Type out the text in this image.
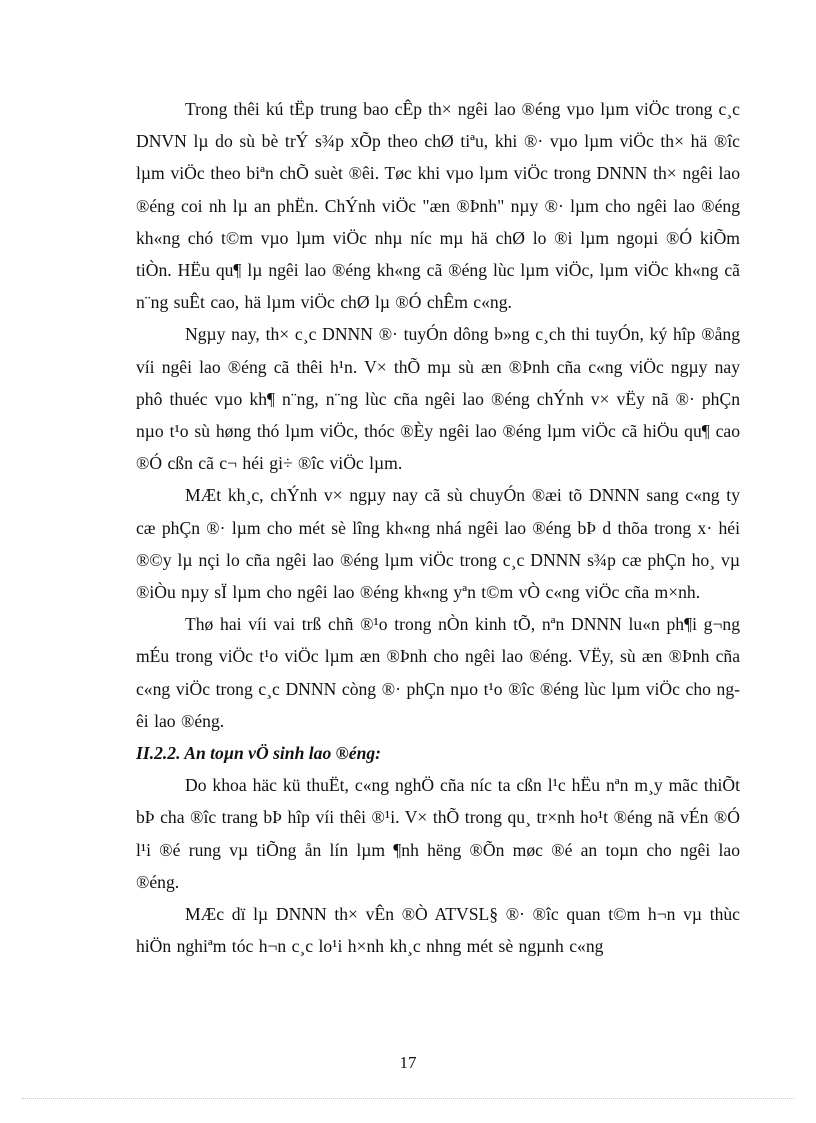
Trong thêi kú tËp trung bao cÊp th× ngêi lao ®éng vµo lµm viÖc trong c¸c DNVN lµ do sù bè trÝ s¾p xÕp theo chØ tiªu, khi ®· vµo lµm viÖc th× hä ®îc lµm viÖc theo biªn chÕ suèt ®êi. Tøc khi vµo lµm viÖc trong DNNN th× ngêi lao ®éng coi nh lµ an phËn. ChÝnh viÖc "æn ®Þnh" nµy ®· lµm cho ngêi lao ®éng kh«ng chó t©m vµo lµm viÖc nhµ níc mµ hä chØ lo ®i lµm ngoµi ®Ó kiÕm tiÒn. HËu qu¶ lµ ngêi lao ®éng kh«ng cã ®éng lùc lµm viÖc, lµm viÖc kh«ng cã n¨ng suÊt cao, hä lµm viÖc chØ lµ ®Ó chÊm c«ng.

Ngµy nay, th× c¸c DNNN ®· tuyÓn dông b»ng c¸ch thi tuyÓn, ký hîp ®ång víi ngêi lao ®éng cã thêi h¹n. V× thÕ mµ sù æn ®Þnh cña c«ng viÖc ngµy nay phô thuéc vµo kh¶ n¨ng, n¨ng lùc cña ngêi lao ®éng chÝnh v× vËy nã ®· phÇn nµo t¹o sù høng thó lµm viÖc, thóc ®Èy ngêi lao ®éng lµm viÖc cã hiÖu qu¶ cao ®Ó cßn cã c¬ héi gi÷ ®îc viÖc lµm.

MÆt kh¸c, chÝnh v× ngµy nay cã sù chuyÓn ®æi tõ DNNN sang c«ng ty cæ phÇn ®· lµm cho mét sè lîng kh«ng nhá ngêi lao ®éng bÞ d thõa trong x· héi ®©y lµ nçi lo cña ngêi lao ®éng lµm viÖc trong c¸c DNNN s¾p cæ phÇn ho¸ vµ ®iÒu nµy sÏ lµm cho ngêi lao ®éng kh«ng yªn t©m vÒ c«ng viÖc cña m×nh.

Thø hai víi vai trß chñ ®¹o trong nÒn kinh tÕ, nªn DNNN lu«n ph¶i g¬ng mÉu trong viÖc t¹o viÖc lµm æn ®Þnh cho ngêi lao ®éng. VËy, sù æn ®Þnh cña c«ng viÖc trong c¸c DNNN còng ®· phÇn nµo t¹o ®îc ®éng lùc lµm viÖc cho ngêi lao ®éng.

II.2.2. An toµn vÖ sinh lao ®éng:

Do khoa häc kü thuËt, c«ng nghÖ cña níc ta cßn l¹c hËu nªn m¸y mãc thiÕt bÞ cha ®îc trang bÞ hîp víi thêi ®¹i. V× thÕ trong qu¸ tr×nh ho¹t ®éng nã vÉn ®Ó l¹i ®é rung vµ tiÕng ån lín lµm ¶nh hëng ®Õn møc ®é an toµn cho ngêi lao ®éng.

MÆc dï lµ DNNN th× vÊn ®Ò ATVSL§ ®· ®îc quan t©m h¬n vµ thùc hiÖn nghiªm tóc h¬n c¸c lo¹i h×nh kh¸c nhng mét sè ngµnh c«ng

17
